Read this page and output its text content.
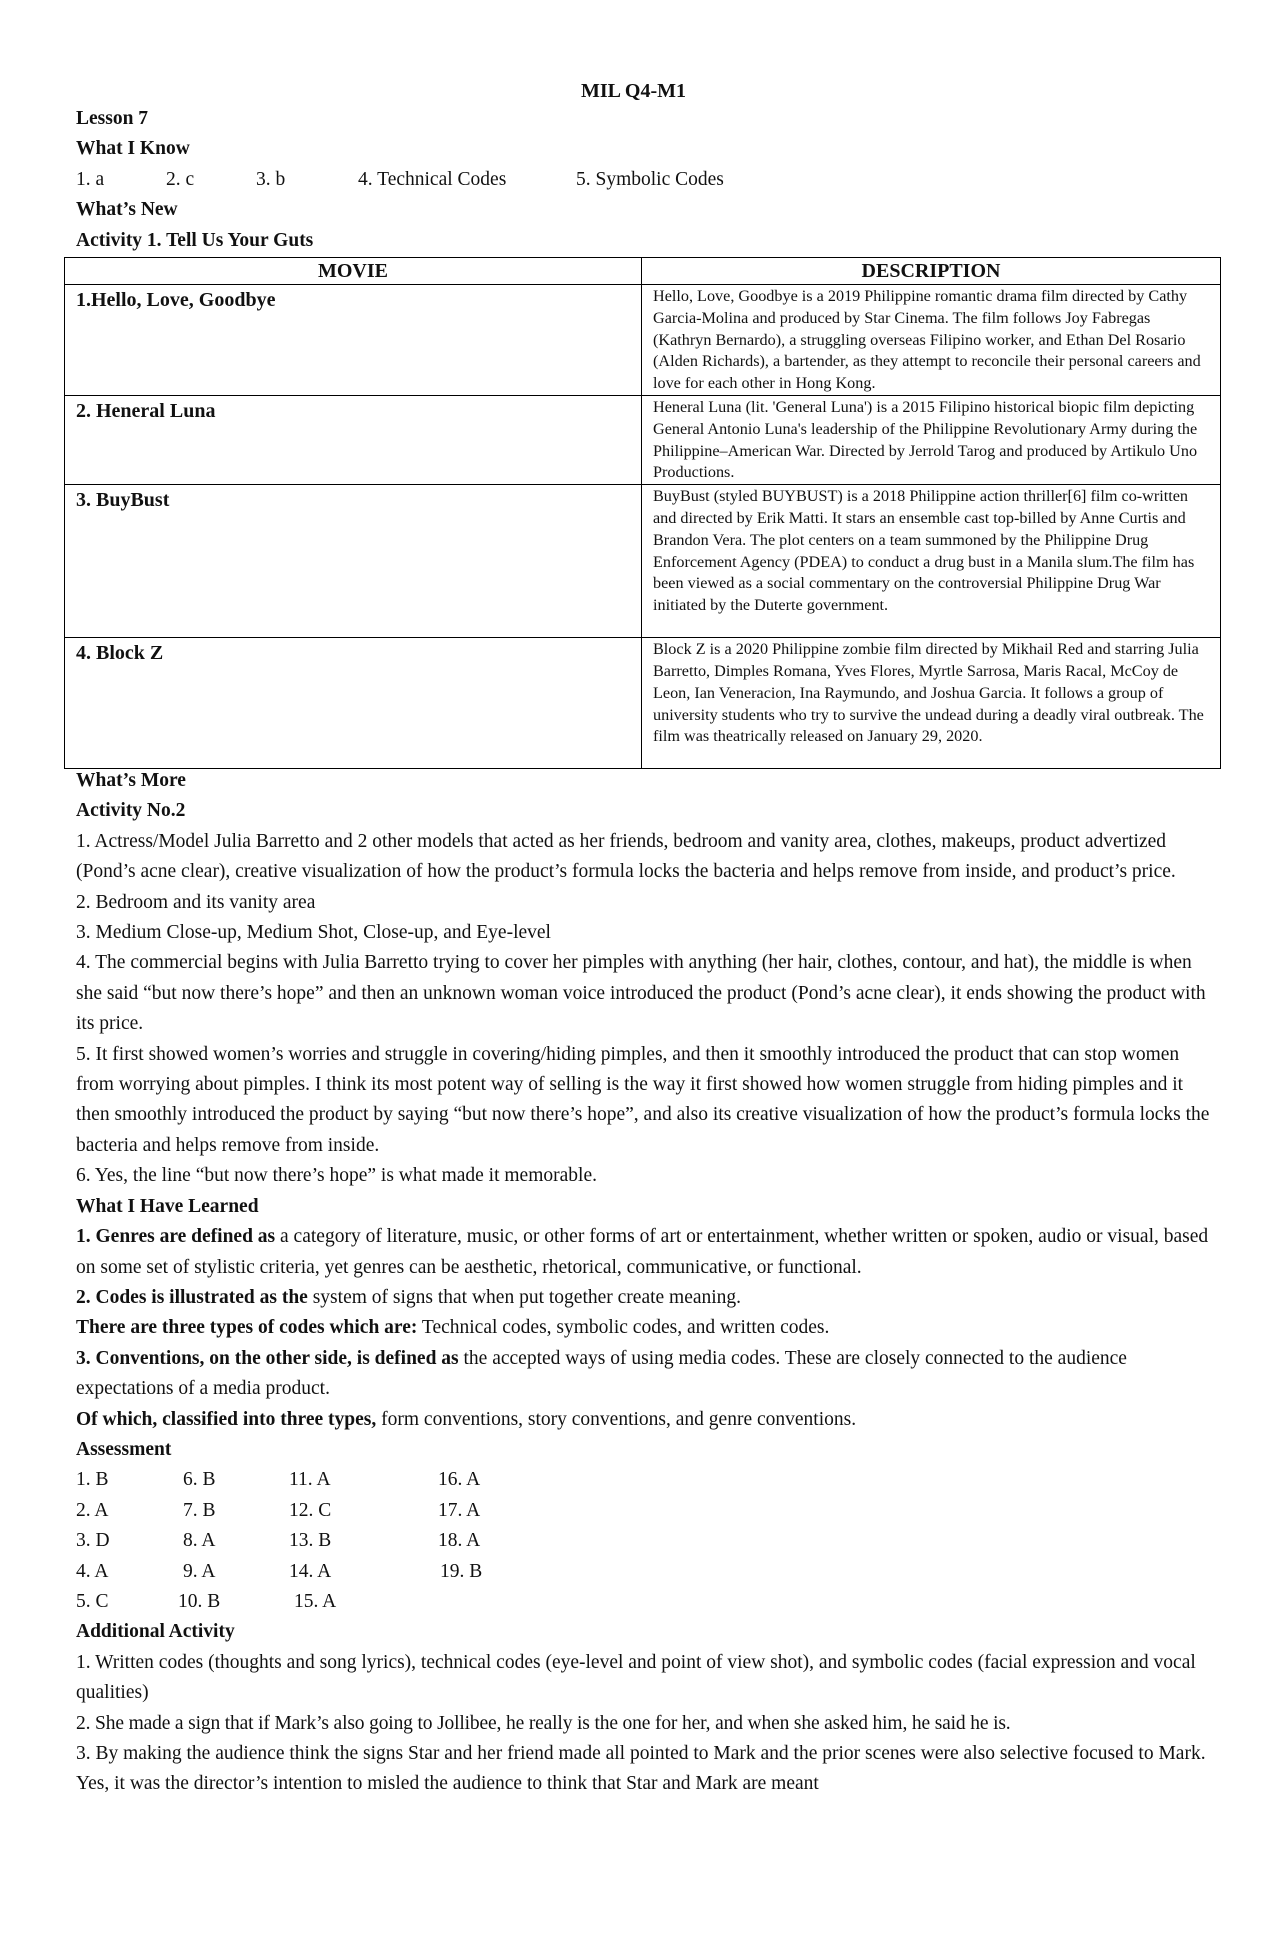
MIL Q4-M1
Lesson 7
What I Know
1. a	2. c	3. b	4. Technical Codes	5. Symbolic Codes
What’s New
Activity 1. Tell Us Your Guts
MOVIE	DESCRIPTION
1.Hello, Love, Goodbye	Hello, Love, Goodbye is a 2019 Philippine romantic drama film directed by Cathy Garcia-Molina and produced by Star Cinema. The film follows Joy Fabregas (Kathryn Bernardo), a struggling overseas Filipino worker, and Ethan Del Rosario (Alden Richards), a bartender, as they attempt to reconcile their personal careers and love for each other in Hong Kong.
2. Heneral Luna	Heneral Luna (lit. 'General Luna') is a 2015 Filipino historical biopic film depicting General Antonio Luna's leadership of the Philippine Revolutionary Army during the Philippine–American War. Directed by Jerrold Tarog and produced by Artikulo Uno Productions.
3. BuyBust	BuyBust (styled BUYBUST) is a 2018 Philippine action thriller[6] film co-written and directed by Erik Matti. It stars an ensemble cast top-billed by Anne Curtis and Brandon Vera. The plot centers on a team summoned by the Philippine Drug Enforcement Agency (PDEA) to conduct a drug bust in a Manila slum.The film has been viewed as a social commentary on the controversial Philippine Drug War initiated by the Duterte government.
4. Block Z	Block Z is a 2020 Philippine zombie film directed by Mikhail Red and starring Julia Barretto, Dimples Romana, Yves Flores, Myrtle Sarrosa, Maris Racal, McCoy de Leon, Ian Veneracion, Ina Raymundo, and Joshua Garcia. It follows a group of university students who try to survive the undead during a deadly viral outbreak. The film was theatrically released on January 29, 2020.
What’s More
Activity No.2
1. Actress/Model Julia Barretto and 2 other models that acted as her friends, bedroom and vanity area, clothes, makeups, product advertized (Pond’s acne clear), creative visualization of how the product’s formula locks the bacteria and helps remove from inside, and product’s price.
2. Bedroom and its vanity area
3. Medium Close-up, Medium Shot, Close-up, and Eye-level
4. The commercial begins with Julia Barretto trying to cover her pimples with anything (her hair, clothes, contour, and hat), the middle is when she said “but now there’s hope” and then an unknown woman voice introduced the product (Pond’s acne clear), it ends showing the product with its price.
5. It first showed women’s worries and struggle in covering/hiding pimples, and then it smoothly introduced the product that can stop women from worrying about pimples. I think its most potent way of selling is the way it first showed how women struggle from hiding pimples and it then smoothly introduced the product by saying “but now there’s hope”, and also its creative visualization of how the product’s formula locks the bacteria and helps remove from inside.
6. Yes, the line “but now there’s hope” is what made it memorable.
What I Have Learned
1. Genres are defined as a category of literature, music, or other forms of art or entertainment, whether written or spoken, audio or visual, based on some set of stylistic criteria, yet genres can be aesthetic, rhetorical, communicative, or functional.
2. Codes is illustrated as the system of signs that when put together create meaning.
There are three types of codes which are: Technical codes, symbolic codes, and written codes.
3. Conventions, on the other side, is defined as the accepted ways of using media codes. These are closely connected to the audience expectations of a media product.
Of which, classified into three types, form conventions, story conventions, and genre conventions.
Assessment
1. B	6. B	11. A	16. A
2. A	7. B	12. C	17. A
3. D	8. A	13. B	18. A
4. A	9. A	14. A	19. B
5. C	10. B	15. A
Additional Activity
1. Written codes (thoughts and song lyrics), technical codes (eye-level and point of view shot), and symbolic codes (facial expression and vocal qualities)
2. She made a sign that if Mark’s also going to Jollibee, he really is the one for her, and when she asked him, he said he is.
3. By making the audience think the signs Star and her friend made all pointed to Mark and the prior scenes were also selective focused to Mark. Yes, it was the director’s intention to misled the audience to think that Star and Mark are meant
